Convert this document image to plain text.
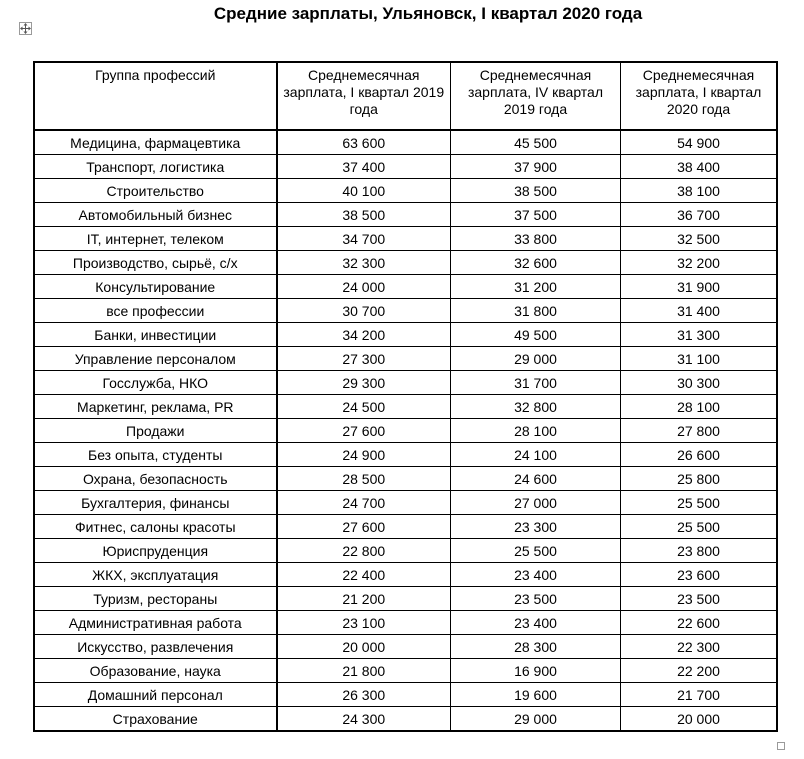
Средние зарплаты, Ульяновск, I квартал 2020 года
Группа профессий	Среднемесячная зарплата, I квартал 2019 года	Среднемесячная зарплата, IV квартал 2019 года	Среднемесячная зарплата, I квартал 2020 года
Медицина, фармацевтика	63 600	45 500	54 900
Транспорт, логистика	37 400	37 900	38 400
Строительство	40 100	38 500	38 100
Автомобильный бизнес	38 500	37 500	36 700
IT, интернет, телеком	34 700	33 800	32 500
Производство, сырьё, с/х	32 300	32 600	32 200
Консультирование	24 000	31 200	31 900
все профессии	30 700	31 800	31 400
Банки, инвестиции	34 200	49 500	31 300
Управление персоналом	27 300	29 000	31 100
Госслужба, НКО	29 300	31 700	30 300
Маркетинг, реклама, PR	24 500	32 800	28 100
Продажи	27 600	28 100	27 800
Без опыта, студенты	24 900	24 100	26 600
Охрана, безопасность	28 500	24 600	25 800
Бухгалтерия, финансы	24 700	27 000	25 500
Фитнес, салоны красоты	27 600	23 300	25 500
Юриспруденция	22 800	25 500	23 800
ЖКХ, эксплуатация	22 400	23 400	23 600
Туризм, рестораны	21 200	23 500	23 500
Административная работа	23 100	23 400	22 600
Искусство, развлечения	20 000	28 300	22 300
Образование, наука	21 800	16 900	22 200
Домашний персонал	26 300	19 600	21 700
Страхование	24 300	29 000	20 000
